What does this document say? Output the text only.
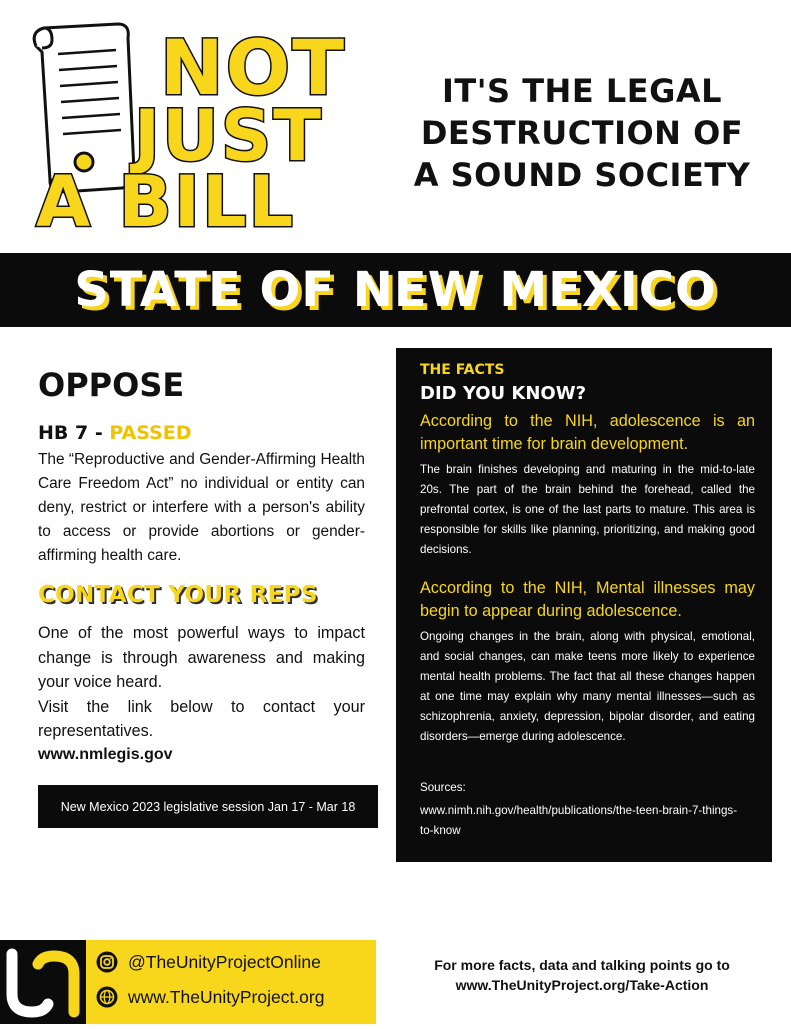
NOT
JUST
A BILL
IT'S THE LEGAL
DESTRUCTION OF
A SOUND SOCIETY
STATE OF NEW MEXICO
OPPOSE
HB 7 - PASSED
The “Reproductive and Gender-Affirming Health Care Freedom Act” no individual or entity can deny, restrict or interfere with a person's ability to access or provide abortions or gender-affirming health care.
CONTACT YOUR REPS
One of the most powerful ways to impact change is through awareness and making your voice heard.
Visit the link below to contact your representatives.
www.nmlegis.gov
New Mexico 2023 legislative session Jan 17 - Mar 18
THE FACTS
DID YOU KNOW?
According to the NIH, adolescence is an important time for brain development.
The brain finishes developing and maturing in the mid-to-late 20s. The part of the brain behind the forehead, called the prefrontal cortex, is one of the last parts to mature. This area is responsible for skills like planning, prioritizing, and making good decisions.
According to the NIH, Mental illnesses may begin to appear during adolescence.
Ongoing changes in the brain, along with physical, emotional, and social changes, can make teens more likely to experience mental health problems. The fact that all these changes happen at one time may explain why many mental illnesses—such as schizophrenia, anxiety, depression, bipolar disorder, and eating disorders—emerge during adolescence.
Sources:
www.nimh.nih.gov/health/publications/the-teen-brain-7-things-to-know
@TheUnityProjectOnline
www.TheUnityProject.org
For more facts, data and talking points go to
www.TheUnityProject.org/Take-Action
